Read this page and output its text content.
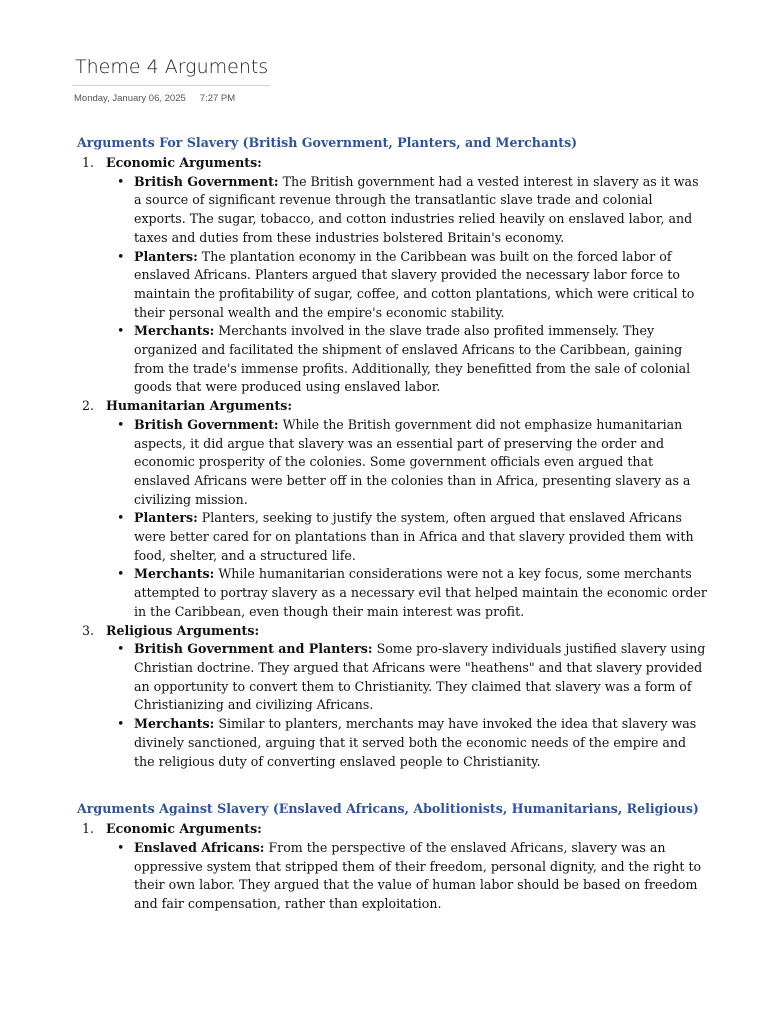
Theme 4 Arguments
Monday, January 06, 2025 7:27 PM
Arguments For Slavery (British Government, Planters, and Merchants)
1. Economic Arguments:
• British Government: The British government had a vested interest in slavery as it was a source of significant revenue through the transatlantic slave trade and colonial exports. The sugar, tobacco, and cotton industries relied heavily on enslaved labor, and taxes and duties from these industries bolstered Britain's economy.
• Planters: The plantation economy in the Caribbean was built on the forced labor of enslaved Africans. Planters argued that slavery provided the necessary labor force to maintain the profitability of sugar, coffee, and cotton plantations, which were critical to their personal wealth and the empire's economic stability.
• Merchants: Merchants involved in the slave trade also profited immensely. They organized and facilitated the shipment of enslaved Africans to the Caribbean, gaining from the trade's immense profits. Additionally, they benefitted from the sale of colonial goods that were produced using enslaved labor.
2. Humanitarian Arguments:
• British Government: While the British government did not emphasize humanitarian aspects, it did argue that slavery was an essential part of preserving the order and economic prosperity of the colonies. Some government officials even argued that enslaved Africans were better off in the colonies than in Africa, presenting slavery as a civilizing mission.
• Planters: Planters, seeking to justify the system, often argued that enslaved Africans were better cared for on plantations than in Africa and that slavery provided them with food, shelter, and a structured life.
• Merchants: While humanitarian considerations were not a key focus, some merchants attempted to portray slavery as a necessary evil that helped maintain the economic order in the Caribbean, even though their main interest was profit.
3. Religious Arguments:
• British Government and Planters: Some pro-slavery individuals justified slavery using Christian doctrine. They argued that Africans were "heathens" and that slavery provided an opportunity to convert them to Christianity. They claimed that slavery was a form of Christianizing and civilizing Africans.
• Merchants: Similar to planters, merchants may have invoked the idea that slavery was divinely sanctioned, arguing that it served both the economic needs of the empire and the religious duty of converting enslaved people to Christianity.
Arguments Against Slavery (Enslaved Africans, Abolitionists, Humanitarians, Religious)
1. Economic Arguments:
• Enslaved Africans: From the perspective of the enslaved Africans, slavery was an oppressive system that stripped them of their freedom, personal dignity, and the right to their own labor. They argued that the value of human labor should be based on freedom and fair compensation, rather than exploitation.
